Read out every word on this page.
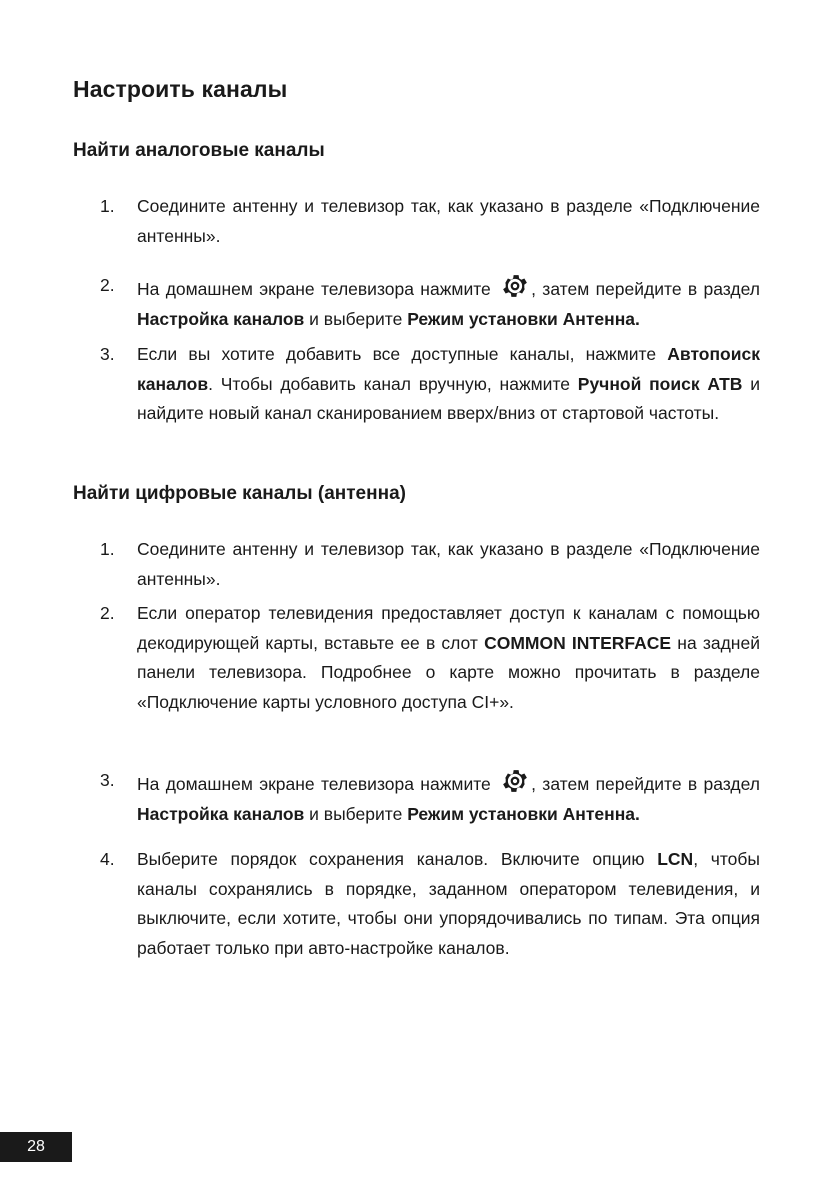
Настроить каналы
Найти аналоговые каналы
1.	Соедините антенну и телевизор так, как указано в разделе «Подключение антенны».
2.	На домашнем экране телевизора нажмите , затем перейдите в раздел Настройка каналов и выберите Режим установки Антенна.
3.	Если вы хотите добавить все доступные каналы, нажмите Автопоиск каналов. Чтобы добавить канал вручную, нажмите Ручной поиск АТВ и найдите новый канал сканированием вверх/вниз от стартовой частоты.
Найти цифровые каналы (антенна)
1.	Соедините антенну и телевизор так, как указано в разделе «Подключение антенны».
2.	Если оператор телевидения предоставляет доступ к каналам с помощью декодирующей карты, вставьте ее в слот COMMON INTERFACE на задней панели телевизора. Подробнее о карте можно прочитать в разделе «Подключение карты условного доступа CI+».
3.	На домашнем экране телевизора нажмите , затем перейдите в раздел Настройка каналов и выберите Режим установки Антенна.
4.	Выберите порядок сохранения каналов. Включите опцию LCN, чтобы каналы сохранялись в порядке, заданном оператором телевидения, и выключите, если хотите, чтобы они упорядочивались по типам. Эта опция работает только при авто-настройке каналов.
28
